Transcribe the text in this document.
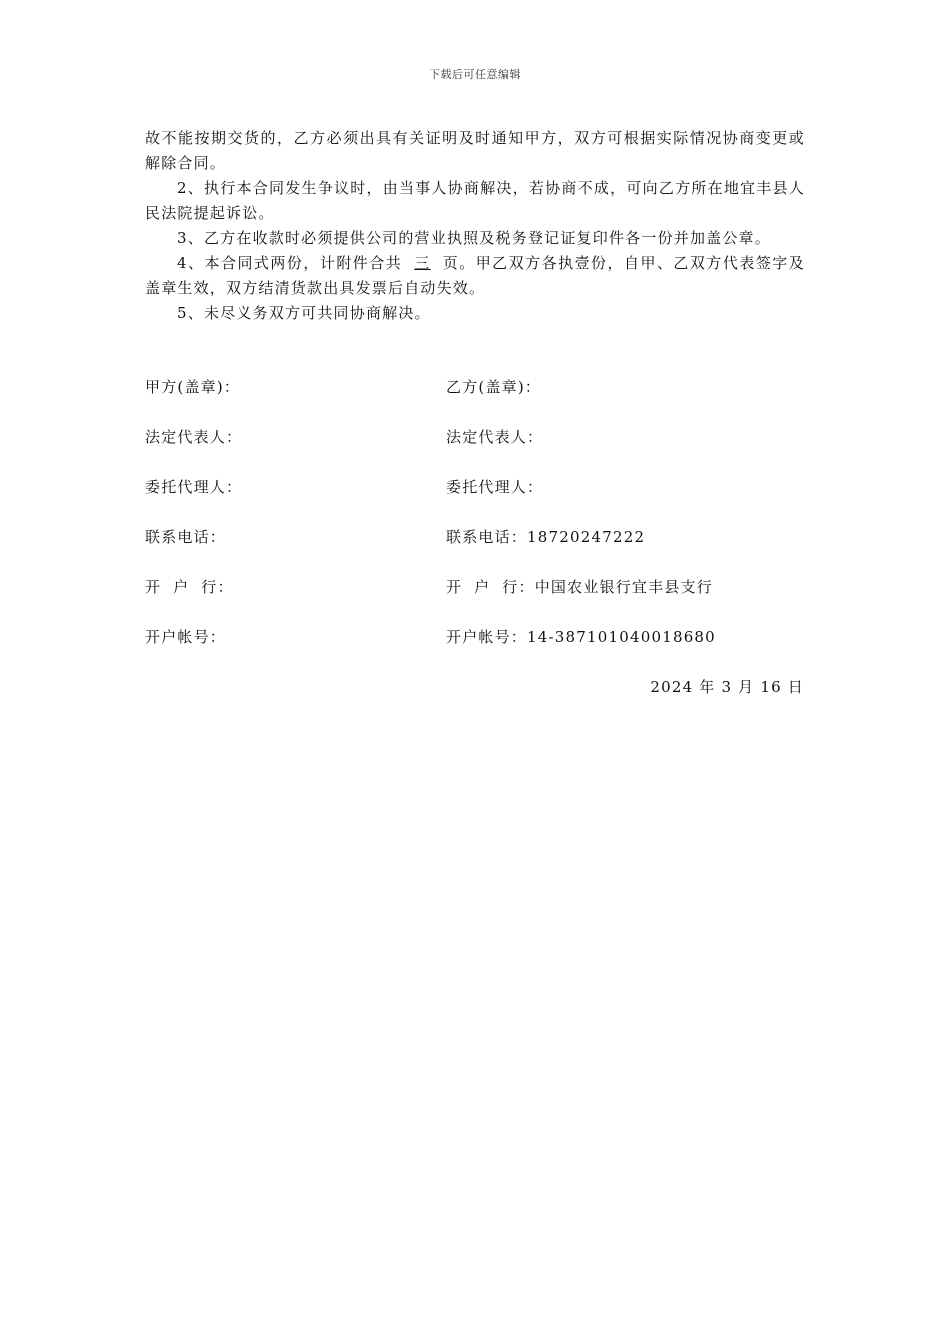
下载后可任意编辑

故不能按期交货的，乙方必须出具有关证明及时通知甲方，双方可根据实际情况协商变更或解除合同。

2、执行本合同发生争议时，由当事人协商解决，若协商不成，可向乙方所在地宜丰县人民法院提起诉讼。

3、乙方在收款时必须提供公司的营业执照及税务登记证复印件各一份并加盖公章。

4、本合同式两份，计附件合共 三 页。甲乙双方各执壹份，自甲、乙双方代表签字及盖章生效，双方结清货款出具发票后自动失效。

5、未尽义务双方可共同协商解决。

甲方(盖章)：	乙方(盖章)：
法定代表人：	法定代表人：
委托代理人：	委托代理人：
联系电话：	联系电话：18720247222
开  户  行：	开  户  行：中国农业银行宜丰县支行
开户帐号：	开户帐号：14-387101040018680
2024 年 3 月 16 日
